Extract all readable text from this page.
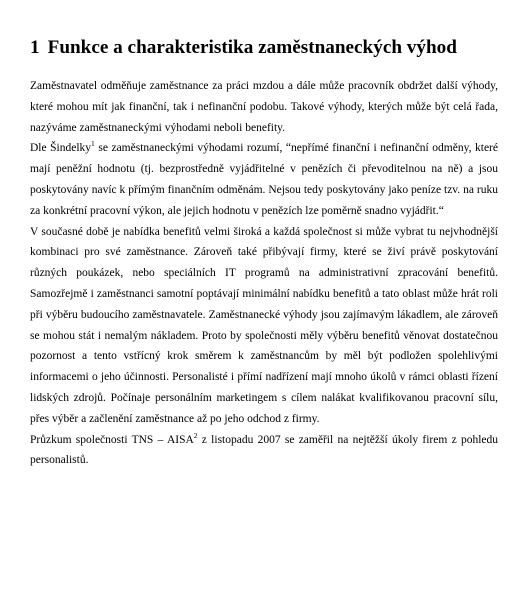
1 Funkce a charakteristika zaměstnaneckých výhod

Zaměstnavatel odměňuje zaměstnance za práci mzdou a dále může pracovník obdržet další výhody, které mohou mít jak finanční, tak i nefinanční podobu. Takové výhody, kterých může být celá řada, nazýváme zaměstnaneckými výhodami neboli benefity.

Dle Šindelky$^1$ se zaměstnaneckými výhodami rozumí, “nepřímé finanční i nefinanční odměny, které mají peněžní hodnotu (tj. bezprostředně vyjádřitelné v penězích či převoditelnou na ně) a jsou poskytovány navíc k přímým finančním odměnám. Nejsou tedy poskytovány jako peníze tzv. na ruku za konkrétní pracovní výkon, ale jejich hodnotu v penězích lze poměrně snadno vyjádřit.“

V současné době je nabídka benefitů velmi široká a každá společnost si může vybrat tu nejvhodnější kombinaci pro své zaměstnance. Zároveň také přibývají firmy, které se živí právě poskytování různých poukázek, nebo speciálních IT programů na administrativní zpracování benefitů. Samozřejmě i zaměstnanci samotní poptávají minimální nabídku benefitů a tato oblast může hrát roli při výběru budoucího zaměstnavatele. Zaměstnanecké výhody jsou zajímavým lákadlem, ale zároveň se mohou stát i nemalým nákladem. Proto by společnosti měly výběru benefitů věnovat dostatečnou pozornost a tento vstřícný krok směrem k zaměstnancům by měl být podložen spolehlivými informacemi o jeho účinnosti. Personalisté i přímí nadřízení mají mnoho úkolů v rámci oblasti řízení lidských zdrojů. Počínaje personálním marketingem s cílem nalákat kvalifikovanou pracovní sílu, přes výběr a začlenění zaměstnance až po jeho odchod z firmy.

Průzkum společnosti TNS – AISA$^2$ z listopadu 2007 se zaměřil na nejtěžší úkoly firem z pohledu personalistů.
